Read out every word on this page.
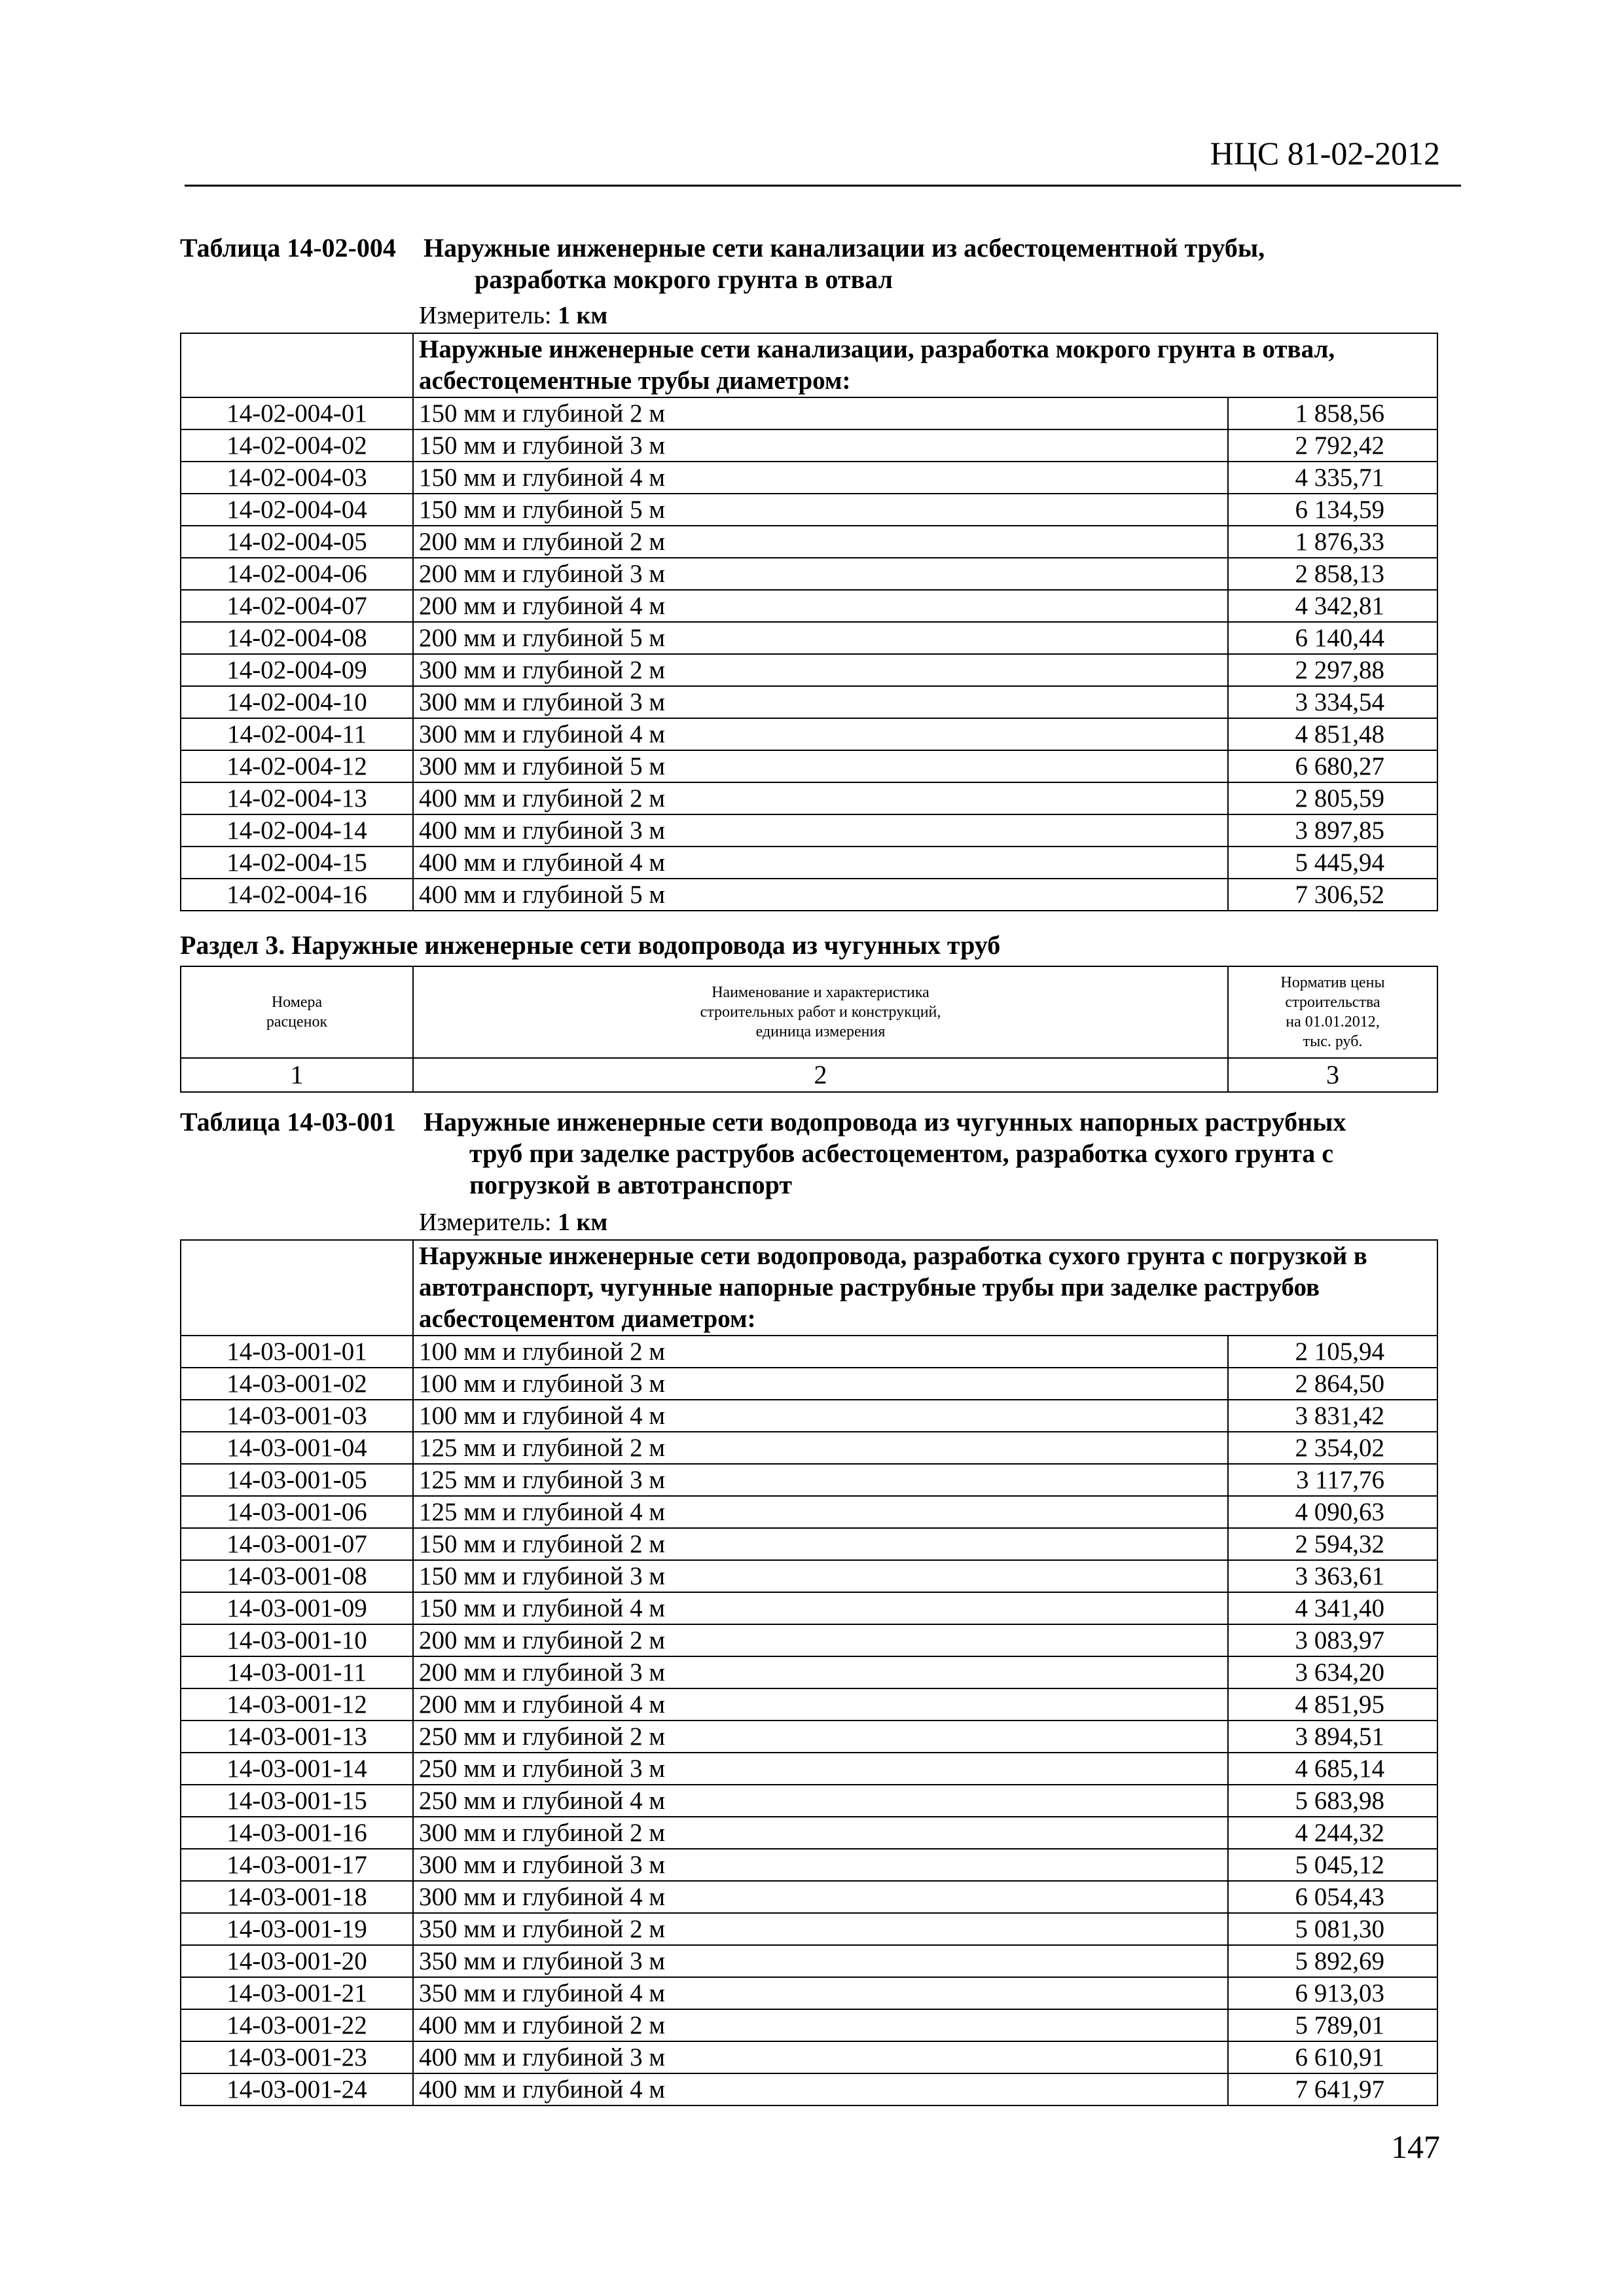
НЦС 81-02-2012
Таблица 14-02-004 Наружные инженерные сети канализации из асбестоцементной трубы,
разработка мокрого грунта в отвал
Измеритель: 1 км
	Наружные инженерные сети канализации, разработка мокрого грунта в отвал, асбестоцементные трубы диаметром:	
14-02-004-01	150 мм и глубиной 2 м	1 858,56
14-02-004-02	150 мм и глубиной 3 м	2 792,42
14-02-004-03	150 мм и глубиной 4 м	4 335,71
14-02-004-04	150 мм и глубиной 5 м	6 134,59
14-02-004-05	200 мм и глубиной 2 м	1 876,33
14-02-004-06	200 мм и глубиной 3 м	2 858,13
14-02-004-07	200 мм и глубиной 4 м	4 342,81
14-02-004-08	200 мм и глубиной 5 м	6 140,44
14-02-004-09	300 мм и глубиной 2 м	2 297,88
14-02-004-10	300 мм и глубиной 3 м	3 334,54
14-02-004-11	300 мм и глубиной 4 м	4 851,48
14-02-004-12	300 мм и глубиной 5 м	6 680,27
14-02-004-13	400 мм и глубиной 2 м	2 805,59
14-02-004-14	400 мм и глубиной 3 м	3 897,85
14-02-004-15	400 мм и глубиной 4 м	5 445,94
14-02-004-16	400 мм и глубиной 5 м	7 306,52
Раздел 3. Наружные инженерные сети водопровода из чугунных труб
Номера
расценок	Наименование и характеристика
строительных работ и конструкций,
единица измерения	Норматив цены
строительства
на 01.01.2012,
тыс. руб.
1	2	3
Таблица 14-03-001 Наружные инженерные сети водопровода из чугунных напорных раструбных
труб при заделке раструбов асбестоцементом, разработка сухого грунта с
погрузкой в автотранспорт
Измеритель: 1 км
	Наружные инженерные сети водопровода, разработка сухого грунта с погрузкой в автотранспорт, чугунные напорные раструбные трубы при заделке раструбов асбестоцементом диаметром:	
14-03-001-01	100 мм и глубиной 2 м	2 105,94
14-03-001-02	100 мм и глубиной 3 м	2 864,50
14-03-001-03	100 мм и глубиной 4 м	3 831,42
14-03-001-04	125 мм и глубиной 2 м	2 354,02
14-03-001-05	125 мм и глубиной 3 м	3 117,76
14-03-001-06	125 мм и глубиной 4 м	4 090,63
14-03-001-07	150 мм и глубиной 2 м	2 594,32
14-03-001-08	150 мм и глубиной 3 м	3 363,61
14-03-001-09	150 мм и глубиной 4 м	4 341,40
14-03-001-10	200 мм и глубиной 2 м	3 083,97
14-03-001-11	200 мм и глубиной 3 м	3 634,20
14-03-001-12	200 мм и глубиной 4 м	4 851,95
14-03-001-13	250 мм и глубиной 2 м	3 894,51
14-03-001-14	250 мм и глубиной 3 м	4 685,14
14-03-001-15	250 мм и глубиной 4 м	5 683,98
14-03-001-16	300 мм и глубиной 2 м	4 244,32
14-03-001-17	300 мм и глубиной 3 м	5 045,12
14-03-001-18	300 мм и глубиной 4 м	6 054,43
14-03-001-19	350 мм и глубиной 2 м	5 081,30
14-03-001-20	350 мм и глубиной 3 м	5 892,69
14-03-001-21	350 мм и глубиной 4 м	6 913,03
14-03-001-22	400 мм и глубиной 2 м	5 789,01
14-03-001-23	400 мм и глубиной 3 м	6 610,91
14-03-001-24	400 мм и глубиной 4 м	7 641,97
147
